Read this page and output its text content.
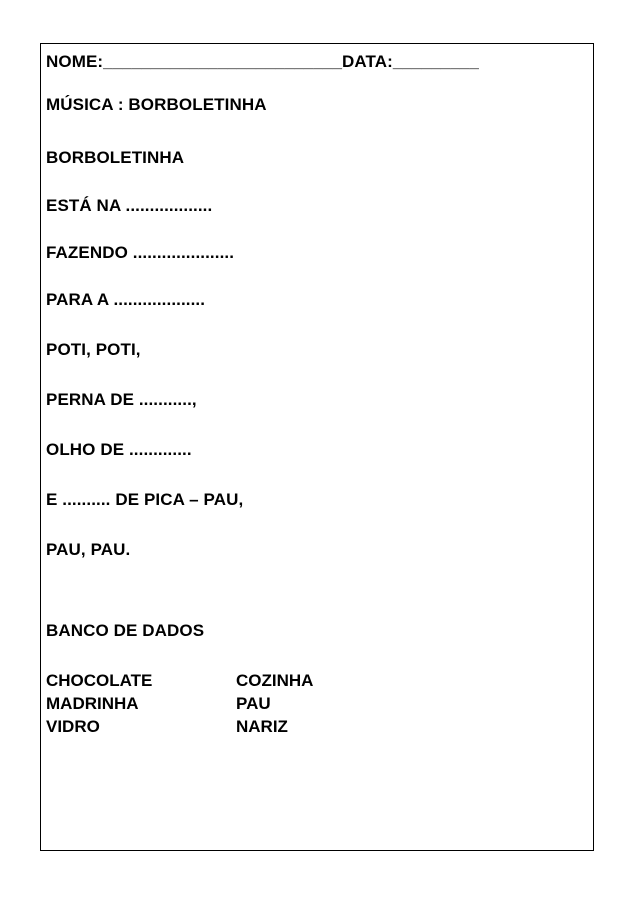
NOME:_________________________DATA:_________
MÚSICA : BORBOLETINHA
BORBOLETINHA
ESTÁ NA ..................
FAZENDO .....................
PARA A ...................
POTI, POTI,
PERNA DE ...........,
OLHO DE .............
E .......... DE PICA – PAU,
PAU, PAU.
BANCO DE DADOS
CHOCOLATE	COZINHA
MADRINHA	PAU
VIDRO	NARIZ
